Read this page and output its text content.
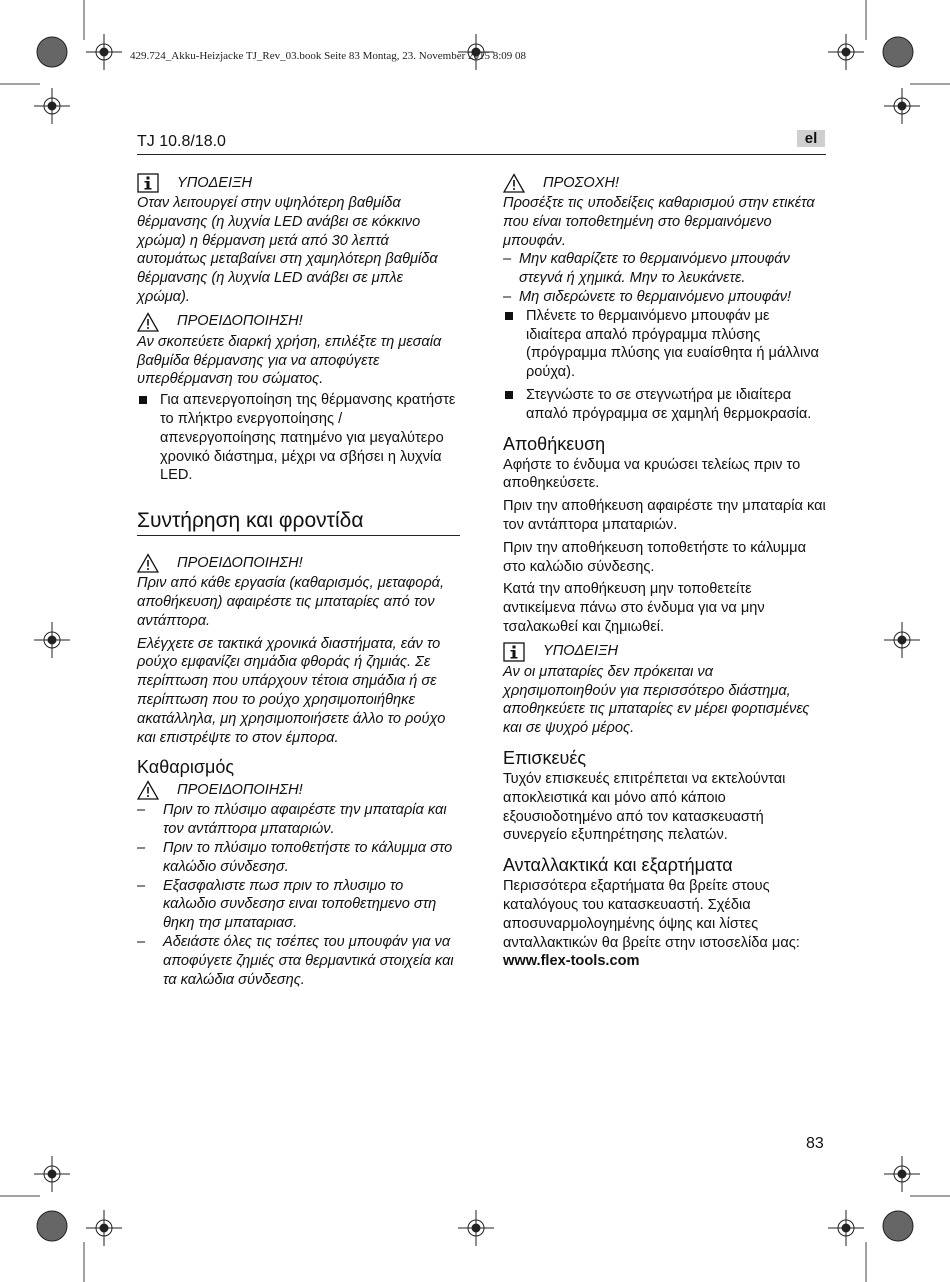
429.724_Akku-Heizjacke TJ_Rev_03.book Seite 83 Montag, 23. November 2015 8:09 08
TJ 10.8/18.0	el
ΥΠΟΔΕΙΞΗ

Οταν λειτουργεί στην υψηλότερη βαθμίδα θέρμανσης (η λυχνία LED ανάβει σε κόκκινο χρώμα) η θέρμανση μετά από 30 λεπτά αυτομάτως μεταβαίνει στη χαμηλότερη βαθμίδα θέρμανσης (η λυχνία LED ανάβει σε μπλε χρώμα).

ΠΡΟΕΙΔΟΠΟΙΗΣΗ!

Αν σκοπεύετε διαρκή χρήση, επιλέξτε τη μεσαία βαθμίδα θέρμανσης για να αποφύγετε υπερθέρμανση του σώματος.

Για απενεργοποίηση της θέρμανσης κρατήστε το πλήκτρο ενεργοποίησης / απενεργοποίησης πατημένο για μεγαλύτερο χρονικό διάστημα, μέχρι να σβήσει η λυχνία LED.
Συντήρηση και φροντίδα
ΠΡΟΕΙΔΟΠΟΙΗΣΗ!

Πριν από κάθε εργασία (καθαρισμός, μεταφορά, αποθήκευση) αφαιρέστε τις μπαταρίες από τον αντάπτορα.

Ελέγχετε σε τακτικά χρονικά διαστήματα, εάν το ρούχο εμφανίζει σημάδια φθοράς ή ζημιάς. Σε περίπτωση που υπάρχουν τέτοια σημάδια ή σε περίπτωση που το ρούχο χρησιμοποιήθηκε ακατάλληλα, μη χρησιμοποιήσετε άλλο το ρούχο και επιστρέψτε το στον έμπορα.

Καθαρισμός
ΠΡΟΕΙΔΟΠΟΙΗΣΗ!
–	Πριν το πλύσιμο αφαιρέστε την μπαταρία και τον αντάπτορα μπαταριών.
–	Πριν το πλύσιμο τοποθετήστε το κάλυμμα στο καλώδιο σύνδεσησ.
–	Εξασφαλιστε πωσ πριν το πλυσιμο το καλωδιο συνδεσησ ειναι τοποθετημενο στη θηκη τησ μπαταριασ.
–	Αδειάστε όλες τις τσέπες του μπουφάν για να αποφύγετε ζημιές στα θερμαντικά στοιχεία και τα καλώδια σύνδεσης.
ΠΡΟΣΟΧΗ!

Προσέξτε τις υποδείξεις καθαρισμού στην ετικέτα που είναι τοποθετημένη στο θερμαινόμενο μπουφάν.

– Μην καθαρίζετε το θερμαινόμενο μπουφάν στεγνά ή χημικά. Μην το λευκάνετε.
– Μη σιδερώνετε το θερμαινόμενο μπουφάν!
Πλένετε το θερμαινόμενο μπουφάν με ιδιαίτερα απαλό πρόγραμμα πλύσης (πρόγραμμα πλύσης για ευαίσθητα ή μάλλινα ρούχα).
Στεγνώστε το σε στεγνωτήρα με ιδιαίτερα απαλό πρόγραμμα σε χαμηλή θερμοκρασία.
Αποθήκευση

Αφήστε το ένδυμα να κρυώσει τελείως πριν το αποθηκεύσετε.

Πριν την αποθήκευση αφαιρέστε την μπαταρία και τον αντάπτορα μπαταριών.

Πριν την αποθήκευση τοποθετήστε το κάλυμμα στο καλώδιο σύνδεσης.

Κατά την αποθήκευση μην τοποθετείτε αντικείμενα πάνω στο ένδυμα για να μην τσαλακωθεί και ζημιωθεί.

ΥΠΟΔΕΙΞΗ

Αν οι μπαταρίες δεν πρόκειται να χρησιμοποιηθούν για περισσότερο διάστημα, αποθηκεύετε τις μπαταρίες εν μέρει φορτισμένες και σε ψυχρό μέρος.

Επισκευές

Τυχόν επισκευές επιτρέπεται να εκτελούνται αποκλειστικά και μόνο από κάποιο εξουσιοδοτημένο από τον κατασκευαστή συνεργείο εξυπηρέτησης πελατών.

Ανταλλακτικά και εξαρτήματα

Περισσότερα εξαρτήματα θα βρείτε στους καταλόγους του κατασκευαστή. Σχέδια αποσυναρμολογημένης όψης και λίστες ανταλλακτικών θα βρείτε στην ιστοσελίδα μας: www.flex-tools.com

83
